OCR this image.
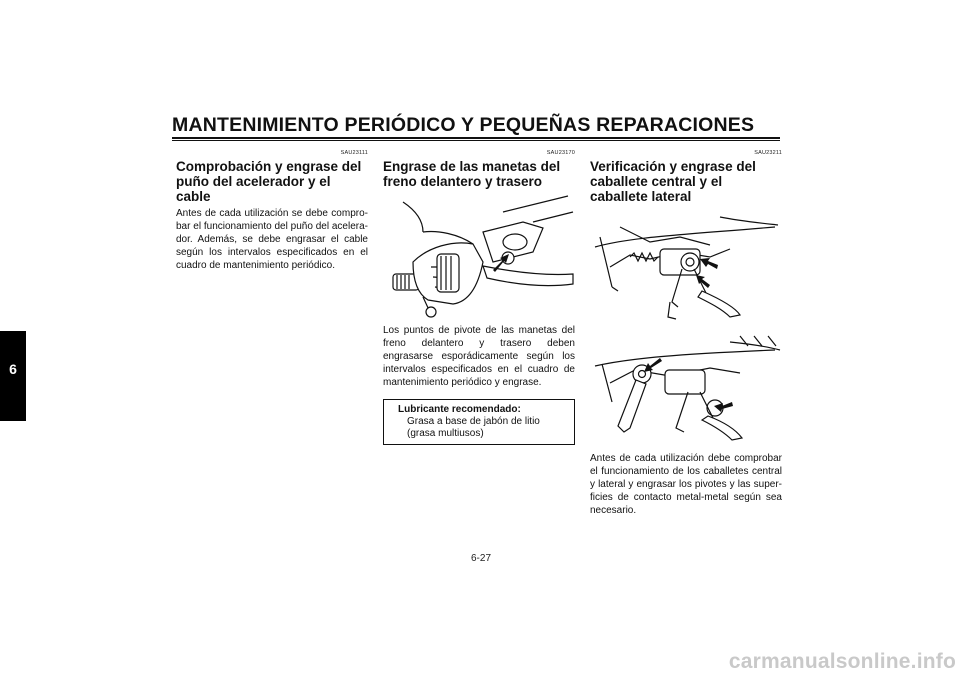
MANTENIMIENTO PERIÓDICO Y PEQUEÑAS REPARACIONES
6
SAU23111
Comprobación y engrase del puño del acelerador y el cable

Antes de cada utilización se debe comprobar el funcionamiento del puño del acelerador. Además, se debe engrasar el cable según los intervalos especificados en el cuadro de mantenimiento periódico.

SAU23170
Engrase de las manetas del freno delantero y trasero

Los puntos de pivote de las manetas del freno delantero y trasero deben engrasarse esporádicamente según los intervalos especificados en el cuadro de mantenimiento periódico y engrase.

Lubricante recomendado:
Grasa a base de jabón de litio (grasa multiusos)
SAU23211
Verificación y engrase del caballete central y el caballete lateral

Antes de cada utilización debe comprobar el funcionamiento de los caballetes central y lateral y engrasar los pivotes y las superficies de contacto metal-metal según sea necesario.

6-27
carmanualsonline.info
